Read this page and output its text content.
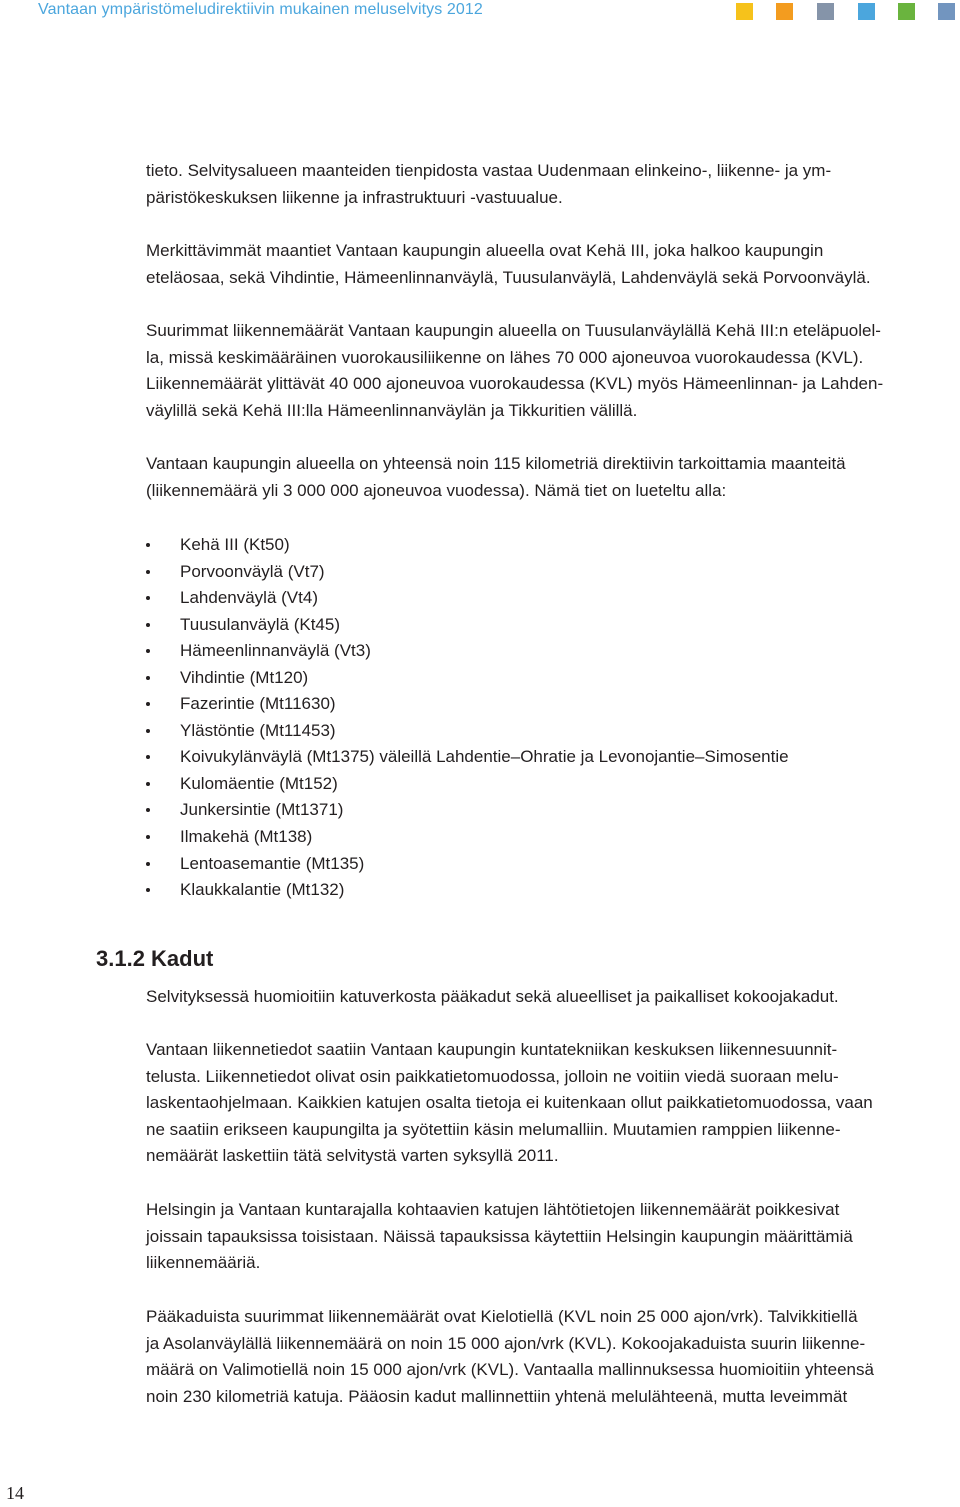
Vantaan ympäristömeludirektiivin mukainen meluselvitys 2012
tieto. Selvitysalueen maanteiden tienpidosta vastaa Uudenmaan elinkeino-, liikenne- ja ym-
päristökeskuksen liikenne ja infrastruktuuri -vastuualue.
Merkittävimmät maantiet Vantaan kaupungin alueella ovat Kehä III, joka halkoo kaupungin
eteläosaa, sekä Vihdintie, Hämeenlinnanväylä, Tuusulanväylä, Lahdenväylä sekä Porvoonväylä.
Suurimmat liikennemäärät Vantaan kaupungin alueella on Tuusulanväylällä Kehä III:n eteläpuolel-
la, missä keskimääräinen vuorokausiliikenne on lähes 70 000 ajoneuvoa vuorokaudessa (KVL).
Liikennemäärät ylittävät 40 000 ajoneuvoa vuorokaudessa (KVL) myös Hämeenlinnan- ja Lahden-
väylillä sekä Kehä III:lla Hämeenlinnanväylän ja Tikkuritien välillä.
Vantaan kaupungin alueella on yhteensä noin 115 kilometriä direktiivin tarkoittamia maanteitä
(liikennemäärä yli 3 000 000 ajoneuvoa vuodessa). Nämä tiet on lueteltu alla:
Kehä III (Kt50)
Porvoonväylä (Vt7)
Lahdenväylä (Vt4)
Tuusulanväylä (Kt45)
Hämeenlinnanväylä (Vt3)
Vihdintie (Mt120)
Fazerintie (Mt11630)
Ylästöntie (Mt11453)
Koivukylänväylä (Mt1375) väleillä Lahdentie–Ohratie ja Levonojantie–Simosentie
Kulomäentie (Mt152)
Junkersintie (Mt1371)
Ilmakehä (Mt138)
Lentoasemantie (Mt135)
Klaukkalantie (Mt132)
3.1.2 Kadut
Selvityksessä huomioitiin katuverkosta pääkadut sekä alueelliset ja paikalliset kokoojakadut.
Vantaan liikennetiedot saatiin Vantaan kaupungin kuntatekniikan keskuksen liikennesuunnit-
telusta. Liikennetiedot olivat osin paikkatietomuodossa, jolloin ne voitiin viedä suoraan melu-
laskentaohjelmaan. Kaikkien katujen osalta tietoja ei kuitenkaan ollut paikkatietomuodossa, vaan
ne saatiin erikseen kaupungilta ja syötettiin käsin melumalliin. Muutamien ramppien liikenne-
nemäärät laskettiin tätä selvitystä varten syksyllä 2011.
Helsingin ja Vantaan kuntarajalla kohtaavien katujen lähtötietojen liikennemäärät poikkesivat
joissain tapauksissa toisistaan. Näissä tapauksissa käytettiin Helsingin kaupungin määrittämiä
liikennemääriä.
Pääkaduista suurimmat liikennemäärät ovat Kielotiellä (KVL noin 25 000 ajon/vrk). Talvikkitiellä
ja Asolanväylällä liikennemäärä on noin 15 000 ajon/vrk (KVL). Kokoojakaduista suurin liikenne-
määrä on Valimotiellä noin 15 000 ajon/vrk (KVL). Vantaalla mallinnuksessa huomioitiin yhteensä
noin 230 kilometriä katuja. Pääosin kadut mallinnettiin yhtenä melulähteenä, mutta leveimmät
14
